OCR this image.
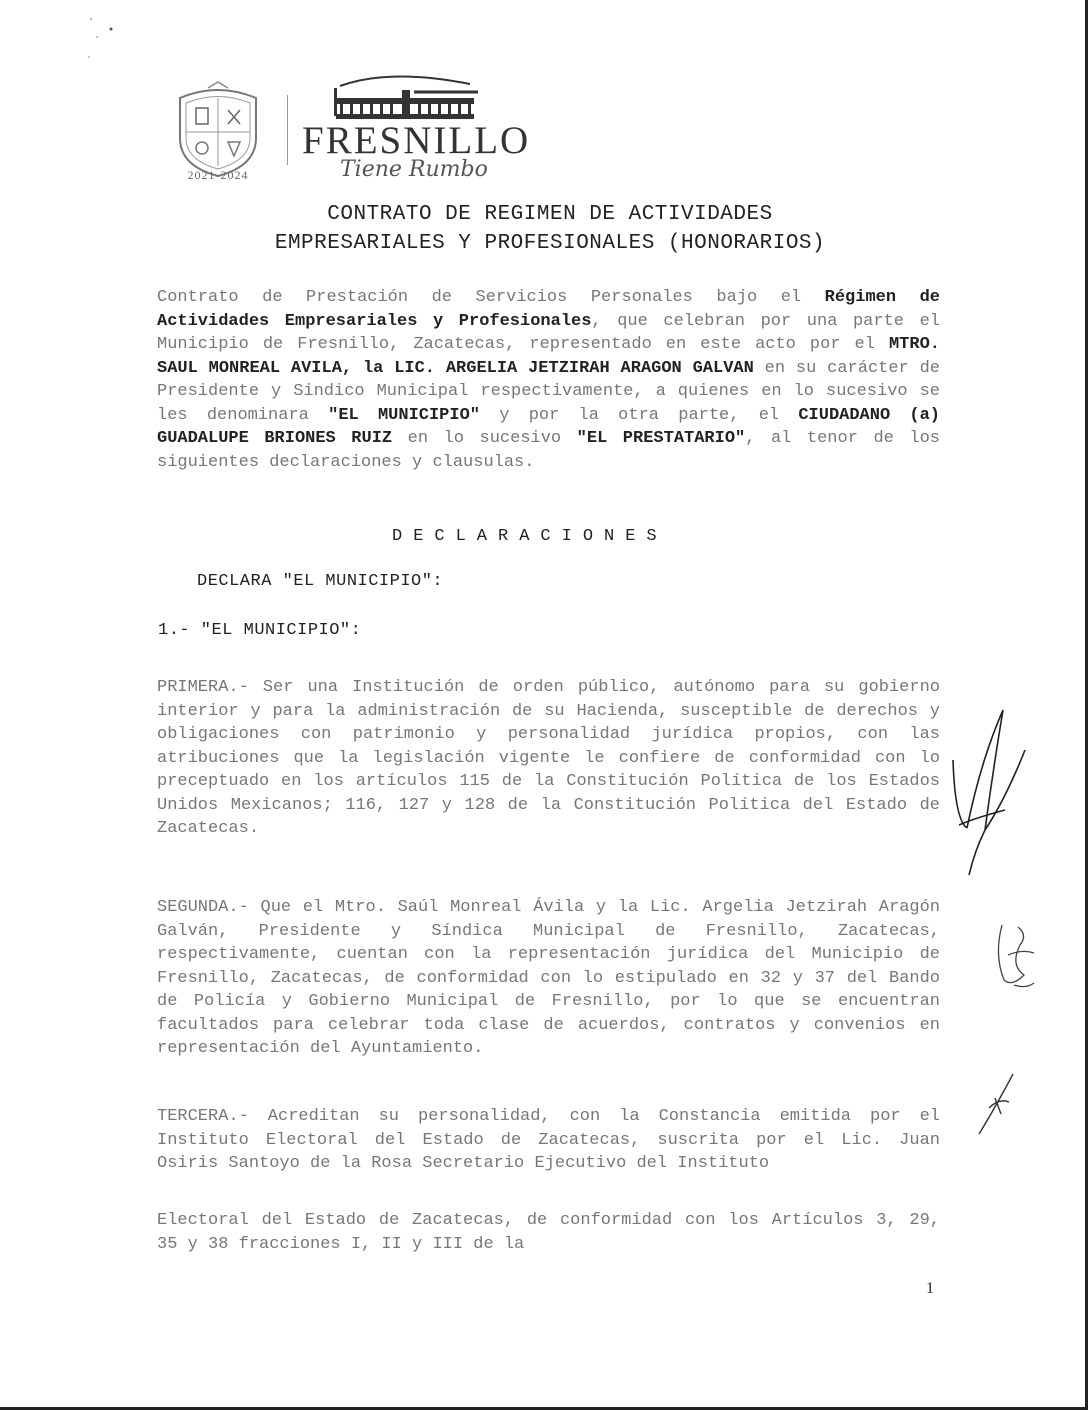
2021-2024
FRESNILLO
Tiene Rumbo
CONTRATO DE REGIMEN DE ACTIVIDADES
EMPRESARIALES Y PROFESIONALES (HONORARIOS)
Contrato de Prestación de Servicios Personales bajo el Régimen de Actividades Empresariales y Profesionales, que celebran por una parte el Municipio de Fresnillo, Zacatecas, representado en este acto por el MTRO. SAUL MONREAL AVILA, la LIC. ARGELIA JETZIRAH ARAGON GALVAN en su carácter de Presidente y Sindico Municipal respectivamente, a quienes en lo sucesivo se les denominara "EL MUNICIPIO" y por la otra parte, el CIUDADANO (a) GUADALUPE BRIONES RUIZ en lo sucesivo "EL PRESTATARIO", al tenor de los siguientes declaraciones y clausulas.
DECLARACIONES
DECLARA "EL MUNICIPIO":
1.- "EL MUNICIPIO":
PRIMERA.- Ser una Institución de orden público, autónomo para su gobierno interior y para la administración de su Hacienda, susceptible de derechos y obligaciones con patrimonio y personalidad jurídica propios, con las atribuciones que la legislación vigente le confiere de conformidad con lo preceptuado en los artículos 115 de la Constitución Política de los Estados Unidos Mexicanos; 116, 127 y 128 de la Constitución Política del Estado de Zacatecas.
SEGUNDA.- Que el Mtro. Saúl Monreal Ávila y la Lic. Argelia Jetzirah Aragón Galván, Presidente y Síndica Municipal de Fresnillo, Zacatecas, respectivamente, cuentan con la representación jurídica del Municipio de Fresnillo, Zacatecas, de conformidad con lo estipulado en 32 y 37 del Bando de Policía y Gobierno Municipal de Fresnillo, por lo que se encuentran facultados para celebrar toda clase de acuerdos, contratos y convenios en representación del Ayuntamiento.
TERCERA.- Acreditan su personalidad, con la Constancia emitida por el Instituto Electoral del Estado de Zacatecas, suscrita por el Lic. Juan Osiris Santoyo de la Rosa Secretario Ejecutivo del Instituto
Electoral del Estado de Zacatecas, de conformidad con los Artículos 3, 29, 35 y 38 fracciones I, II y III de la
1
